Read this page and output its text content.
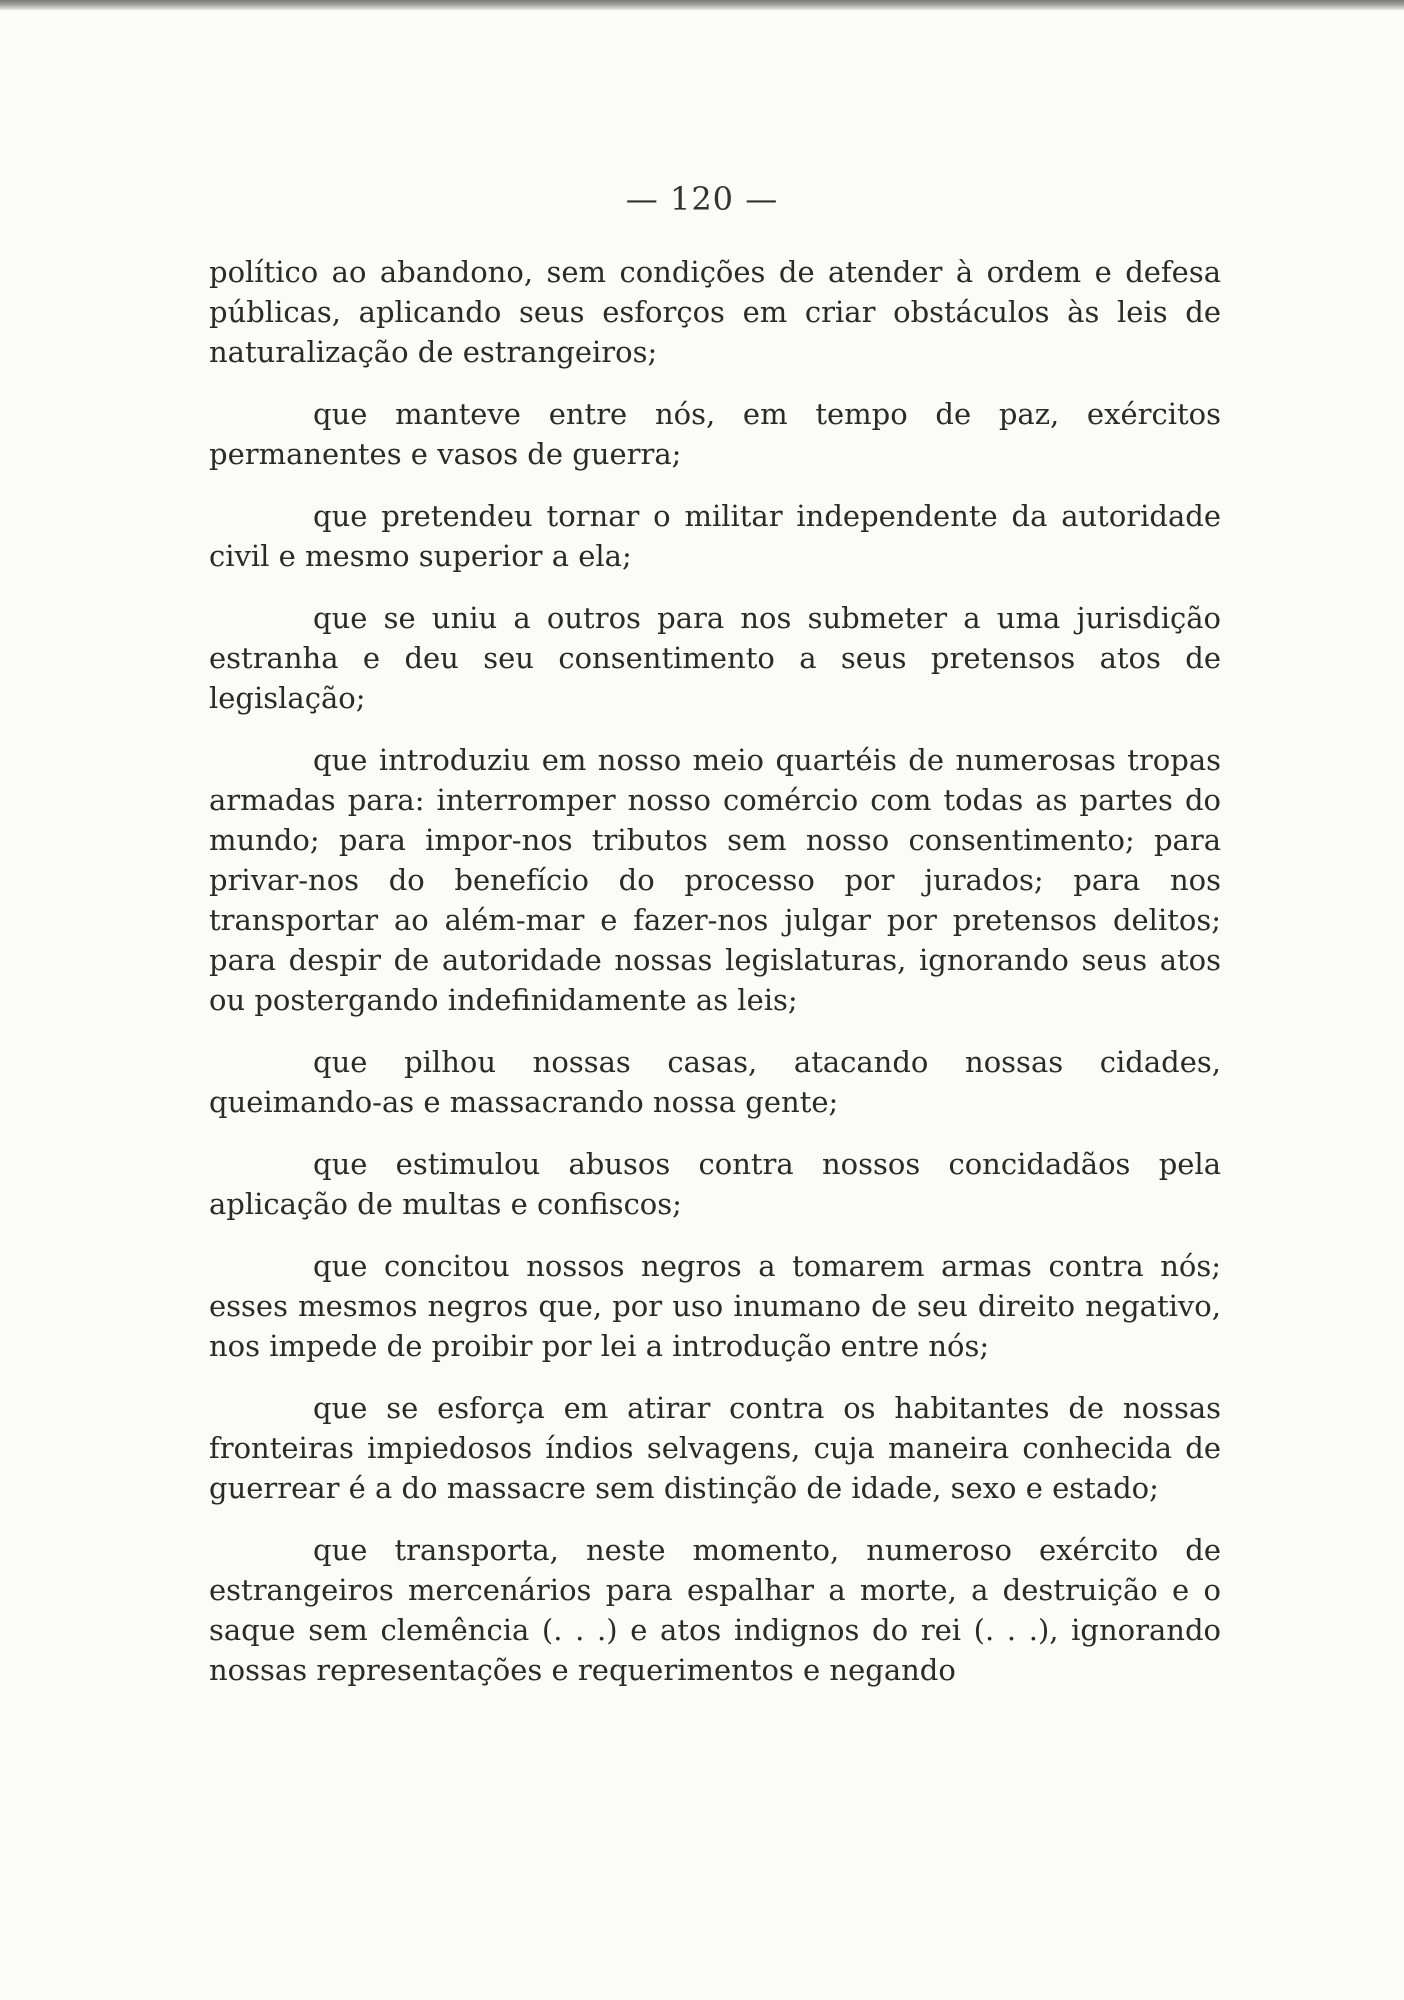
— 120 —

político ao abandono, sem condições de atender à ordem e defesa públicas, aplicando seus esforços em criar obstáculos às leis de naturalização de estrangeiros;

que manteve entre nós, em tempo de paz, exércitos permanentes e vasos de guerra;

que pretendeu tornar o militar independente da autoridade civil e mesmo superior a ela;

que se uniu a outros para nos submeter a uma jurisdição estranha e deu seu consentimento a seus pretensos atos de legislação;

que introduziu em nosso meio quartéis de numerosas tropas armadas para: interromper nosso comércio com todas as partes do mundo; para impor-nos tributos sem nosso consentimento; para privar-nos do benefício do processo por jurados; para nos transportar ao além-mar e fazer-nos julgar por pretensos delitos; para despir de autoridade nossas legislaturas, ignorando seus atos ou postergando indefinidamente as leis;

que pilhou nossas casas, atacando nossas cidades, queimando-as e massacrando nossa gente;

que estimulou abusos contra nossos concidadãos pela aplicação de multas e confiscos;

que concitou nossos negros a tomarem armas contra nós; esses mesmos negros que, por uso inumano de seu direito negativo, nos impede de proibir por lei a introdução entre nós;

que se esforça em atirar contra os habitantes de nossas fronteiras impiedosos índios selvagens, cuja maneira conhecida de guerrear é a do massacre sem distinção de idade, sexo e estado;

que transporta, neste momento, numeroso exército de estrangeiros mercenários para espalhar a morte, a destruição e o saque sem clemência (. . .) e atos indignos do rei (. . .), ignorando nossas representações e requerimentos e negando
